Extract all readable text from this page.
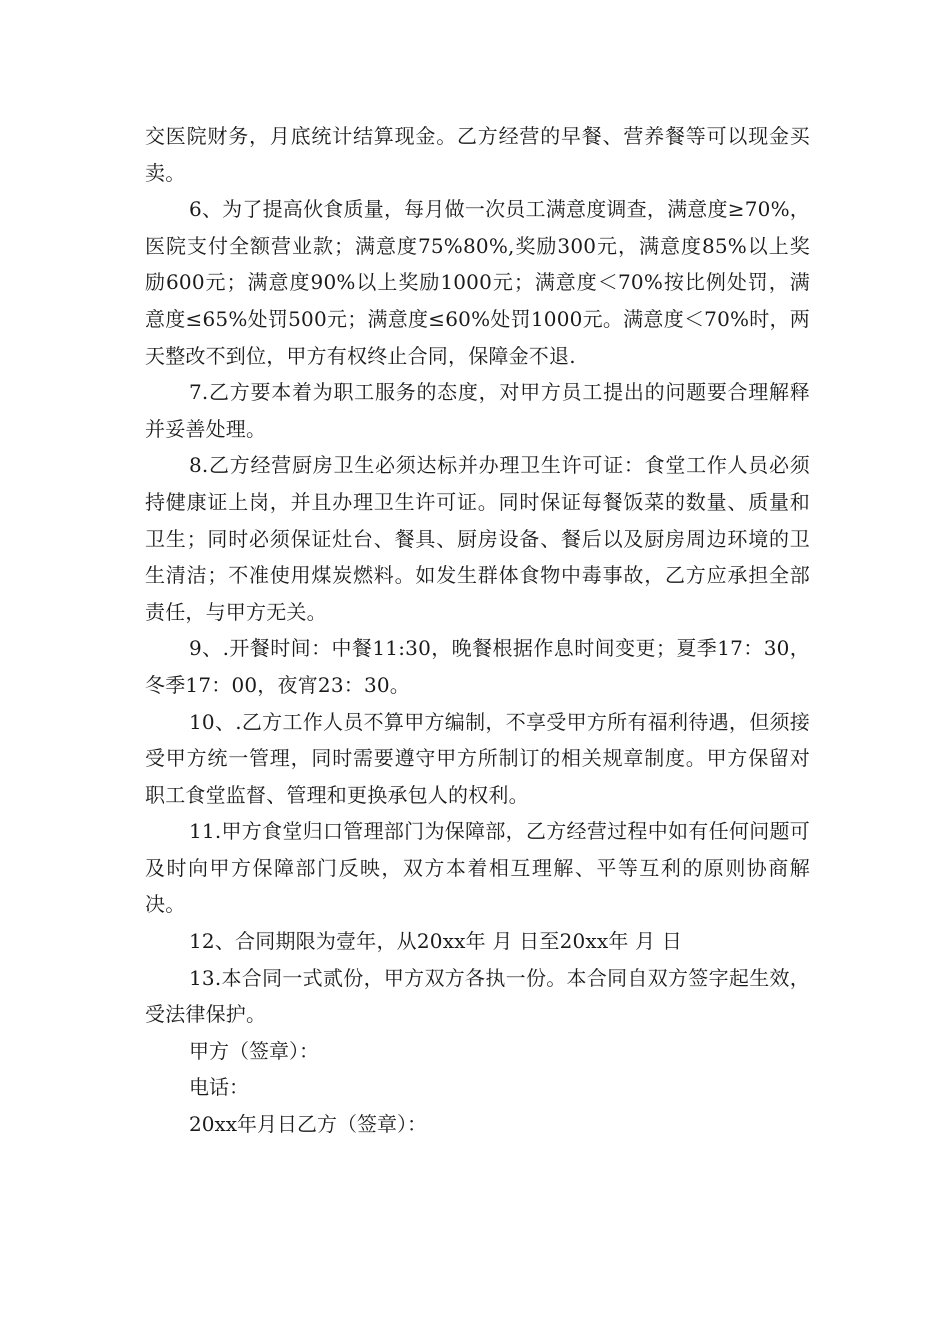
交医院财务，月底统计结算现金。乙方经营的早餐、营养餐等可以现金买卖。

6、为了提高伙食质量，每月做一次员工满意度调查，满意度≥70%，医院支付全额营业款；满意度75%80%,奖励300元，满意度85%以上奖励600元；满意度90%以上奖励1000元；满意度＜70%按比例处罚，满意度≤65%处罚500元；满意度≤60%处罚1000元。满意度＜70%时，两天整改不到位，甲方有权终止合同，保障金不退.

7.乙方要本着为职工服务的态度，对甲方员工提出的问题要合理解释并妥善处理。

8.乙方经营厨房卫生必须达标并办理卫生许可证：食堂工作人员必须持健康证上岗，并且办理卫生许可证。同时保证每餐饭菜的数量、质量和卫生；同时必须保证灶台、餐具、厨房设备、餐后以及厨房周边环境的卫生清洁；不准使用煤炭燃料。如发生群体食物中毒事故，乙方应承担全部责任，与甲方无关。

9、.开餐时间：中餐11:30，晚餐根据作息时间变更；夏季17：30，冬季17：00，夜宵23：30。

10、.乙方工作人员不算甲方编制，不享受甲方所有福利待遇，但须接受甲方统一管理，同时需要遵守甲方所制订的相关规章制度。甲方保留对职工食堂监督、管理和更换承包人的权利。

11.甲方食堂归口管理部门为保障部，乙方经营过程中如有任何问题可及时向甲方保障部门反映，双方本着相互理解、平等互利的原则协商解决。

12、合同期限为壹年，从20xx年 月 日至20xx年 月 日

13.本合同一式贰份，甲方双方各执一份。本合同自双方签字起生效，受法律保护。

甲方（签章）：

电话：

20xx年月日乙方（签章）：
